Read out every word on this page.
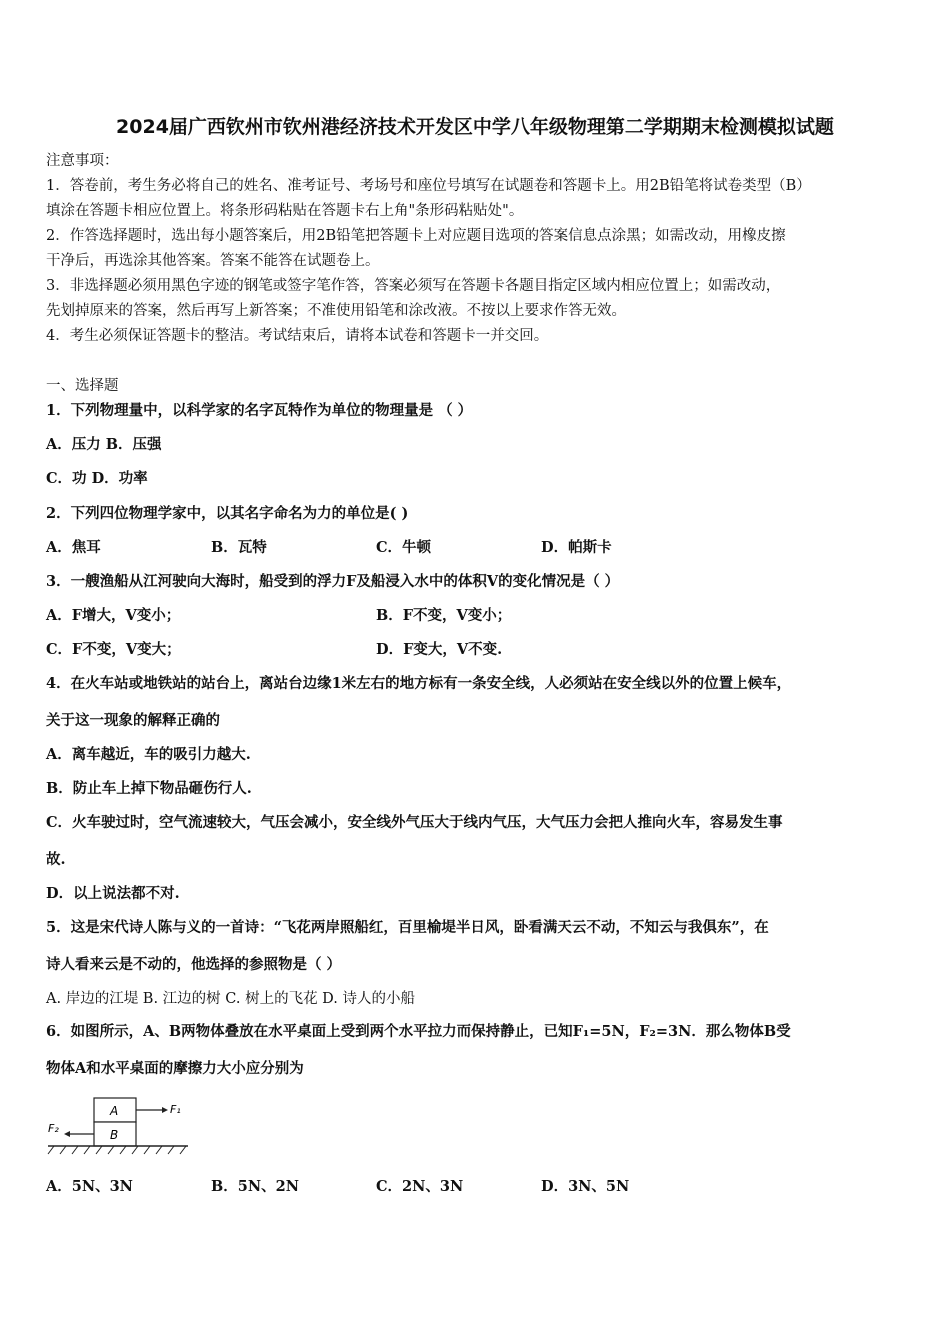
2024届广西钦州市钦州港经济技术开发区中学八年级物理第二学期期末检测模拟试题
注意事项：
1．答卷前，考生务必将自己的姓名、准考证号、考场号和座位号填写在试题卷和答题卡上。用2B铅笔将试卷类型（B）
填涂在答题卡相应位置上。将条形码粘贴在答题卡右上角"条形码粘贴处"。
2．作答选择题时，选出每小题答案后，用2B铅笔把答题卡上对应题目选项的答案信息点涂黑；如需改动，用橡皮擦
干净后，再选涂其他答案。答案不能答在试题卷上。
3．非选择题必须用黑色字迹的钢笔或签字笔作答，答案必须写在答题卡各题目指定区域内相应位置上；如需改动，
先划掉原来的答案，然后再写上新答案；不准使用铅笔和涂改液。不按以上要求作答无效。
4．考生必须保证答题卡的整洁。考试结束后，请将本试卷和答题卡一并交回。
一、选择题
1．下列物理量中，以科学家的名字瓦特作为单位的物理量是 （ ）
A．压力 B．压强
C．功 D．功率
2．下列四位物理学家中，以其名字命名为力的单位是( )
A．焦耳	B．瓦特	C．牛顿	D．帕斯卡
3．一艘渔船从江河驶向大海时，船受到的浮力F及船浸入水中的体积V的变化情况是（ ）
A．F增大，V变小；	B．F不变，V变小；
C．F不变，V变大；	D．F变大，V不变.
4．在火车站或地铁站的站台上，离站台边缘1米左右的地方标有一条安全线，人必须站在安全线以外的位置上候车，
关于这一现象的解释正确的
A．离车越近，车的吸引力越大.
B．防止车上掉下物品砸伤行人.
C．火车驶过时，空气流速较大，气压会减小，安全线外气压大于线内气压，大气压力会把人推向火车，容易发生事
故.
D．以上说法都不对.
5．这是宋代诗人陈与义的一首诗：“飞花两岸照船红，百里榆堤半日风，卧看满天云不动，不知云与我俱东”，在
诗人看来云是不动的，他选择的参照物是（ ）
A. 岸边的江堤 B. 江边的树 C. 树上的飞花 D. 诗人的小船
6．如图所示，A、B两物体叠放在水平桌面上受到两个水平拉力而保持静止，已知F₁=5N，F₂=3N．那么物体B受
物体A和水平桌面的摩擦力大小应分别为
A
B
F₁
F₂
A．5N、3N	B．5N、2N	C．2N、3N	D．3N、5N
